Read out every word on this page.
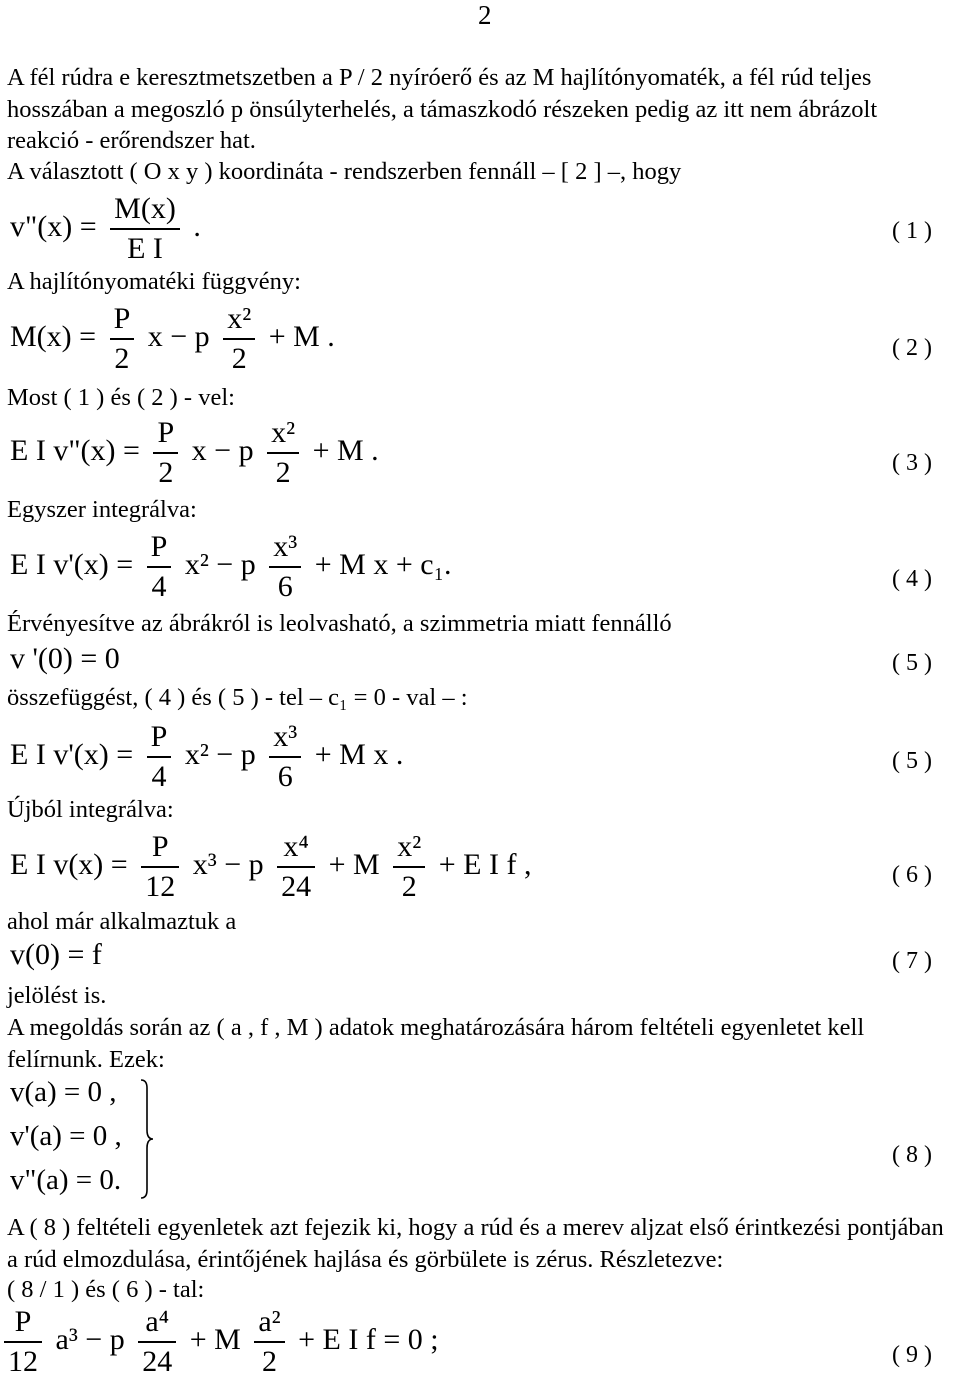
2
A fél rúdra e keresztmetszetben a P / 2 nyíróerő és az M hajlítónyomaték, a fél rúd teljes hosszában a megoszló p önsúlyterhelés, a támaszkodó részeken pedig az itt nem ábrázolt reakció - erőrendszer hat.
A választott ( O x y ) koordináta - rendszerben fennáll – [ 2 ] –, hogy
v"(x) = $\frac{M(x)}{\text{E I}}$ .	( 1 )
A hajlítónyomatéki függvény:
$M(x) = \frac{P}{2}$ x − p $\frac{\text{x²}}{2} + M$ .	( 2 )
Most ( 1 ) és ( 2 ) - vel:
E I v"(x) = $\frac{P}{2}$ x − p $\frac{\text{x²}}{2} + M$ .	( 3 )
Egyszer integrálva:
E I $v'(x) = \frac{P}{4} x^2 - p \frac{\text{x³}}{6} + M$ x + c₁.	( 4 )
Érvényesítve az ábrákról is leolvasható, a szimmetria miatt fennálló
v '(0) = 0	( 5 )
összefüggést, ( 4 ) és ( 5 ) - tel – c₁ = 0 - val – :
E I $v'(x) = \frac{P}{4} x^2 - p \frac{\text{x³}}{6} + M$ x .	( 5 )
Újból integrálva:
E I $v(x) = \frac{P}{12} x^3 - p \frac{\text{x⁴}}{24} + M \frac{\text{x²}}{2} + E$ I f ,	( 6 )
ahol már alkalmaztuk a
v(0) = f	( 7 )
jelölést is.
A megoldás során az ( a , f , M ) adatok meghatározására három feltételi egyenletet kell felírnunk. Ezek:
v(a) = 0 ,
v'(a) = 0 ,
v"(a) = 0.
( 8 )
A ( 8 ) feltételi egyenletek azt fejezik ki, hogy a rúd és a merev aljzat első érintkezési pontjában a rúd elmozdulása, érintőjének hajlása és görbülete is zérus. Részletezve:
( 8 / 1 ) és ( 6 ) - tal:
$\frac{P}{12} a^3 - p \frac{\text{a⁴}}{24} + M \frac{\text{a²}}{2} + E$ I f = 0 ;	( 9 )
